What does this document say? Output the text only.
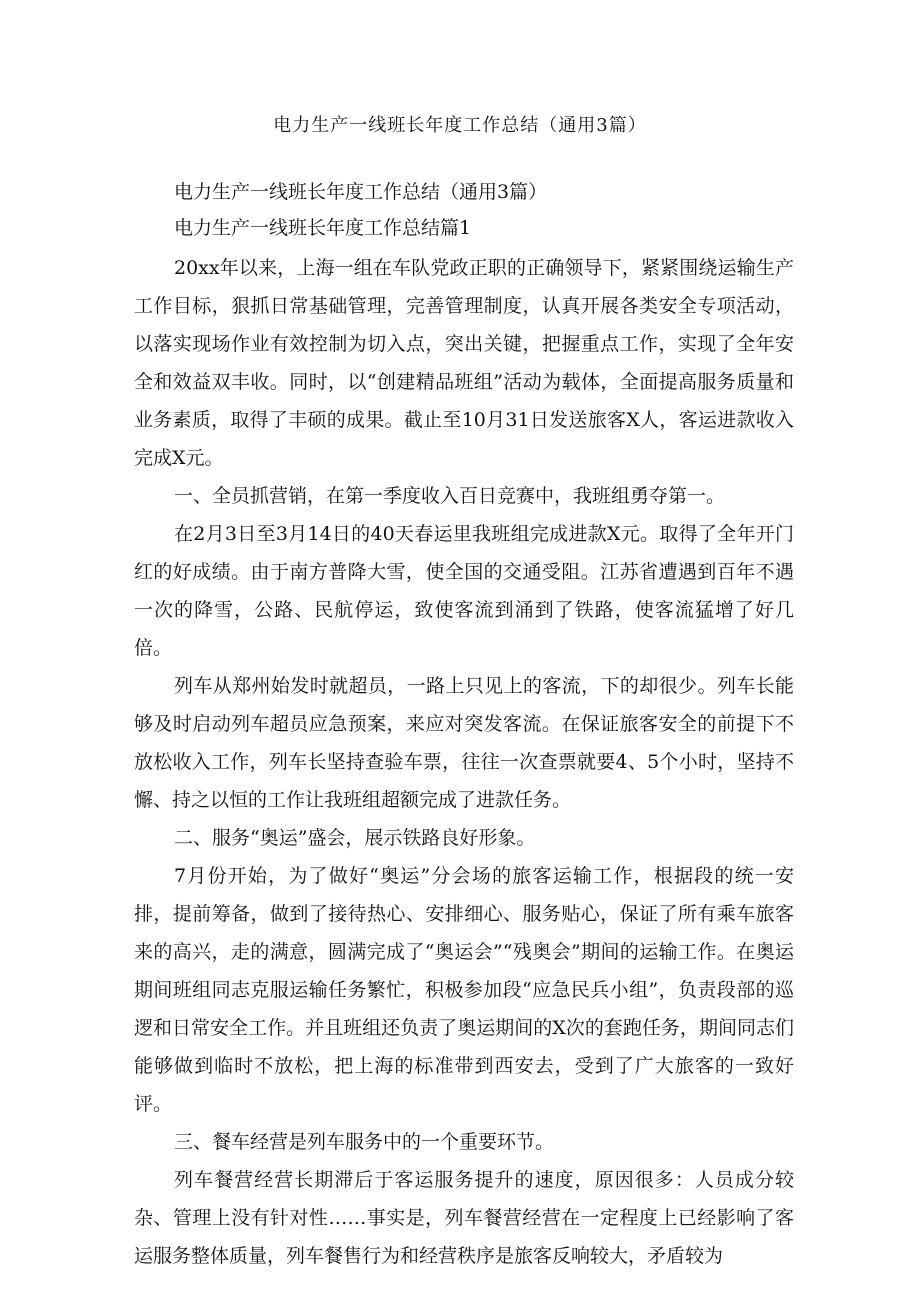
电力生产一线班长年度工作总结（通用3篇）
电力生产一线班长年度工作总结（通用3篇）
电力生产一线班长年度工作总结篇1

20xx年以来，上海一组在车队党政正职的正确领导下，紧紧围绕运输生产工作目标，狠抓日常基础管理，完善管理制度，认真开展各类安全专项活动，以落实现场作业有效控制为切入点，突出关键，把握重点工作，实现了全年安全和效益双丰收。同时，以“创建精品班组”活动为载体，全面提高服务质量和业务素质，取得了丰硕的成果。截止至10月31日发送旅客X人，客运进款收入完成X元。

一、全员抓营销，在第一季度收入百日竞赛中，我班组勇夺第一。

在2月3日至3月14日的40天春运里我班组完成进款X元。取得了全年开门红的好成绩。由于南方普降大雪，使全国的交通受阻。江苏省遭遇到百年不遇一次的降雪，公路、民航停运，致使客流到涌到了铁路，使客流猛增了好几倍。

列车从郑州始发时就超员，一路上只见上的客流，下的却很少。列车长能够及时启动列车超员应急预案，来应对突发客流。在保证旅客安全的前提下不放松收入工作，列车长坚持查验车票，往往一次查票就要4、5个小时，坚持不懈、持之以恒的工作让我班组超额完成了进款任务。

二、服务“奥运”盛会，展示铁路良好形象。

7月份开始，为了做好“奥运”分会场的旅客运输工作，根据段的统一安排，提前筹备，做到了接待热心、安排细心、服务贴心，保证了所有乘车旅客来的高兴，走的满意，圆满完成了“奥运会”“残奥会”期间的运输工作。在奥运期间班组同志克服运输任务繁忙，积极参加段“应急民兵小组”，负责段部的巡逻和日常安全工作。并且班组还负责了奥运期间的X次的套跑任务，期间同志们能够做到临时不放松，把上海的标准带到西安去，受到了广大旅客的一致好评。

三、餐车经营是列车服务中的一个重要环节。

列车餐营经营长期滞后于客运服务提升的速度，原因很多：人员成分较杂、管理上没有针对性……事实是，列车餐营经营在一定程度上已经影响了客运服务整体质量，列车餐售行为和经营秩序是旅客反响较大，矛盾较为
